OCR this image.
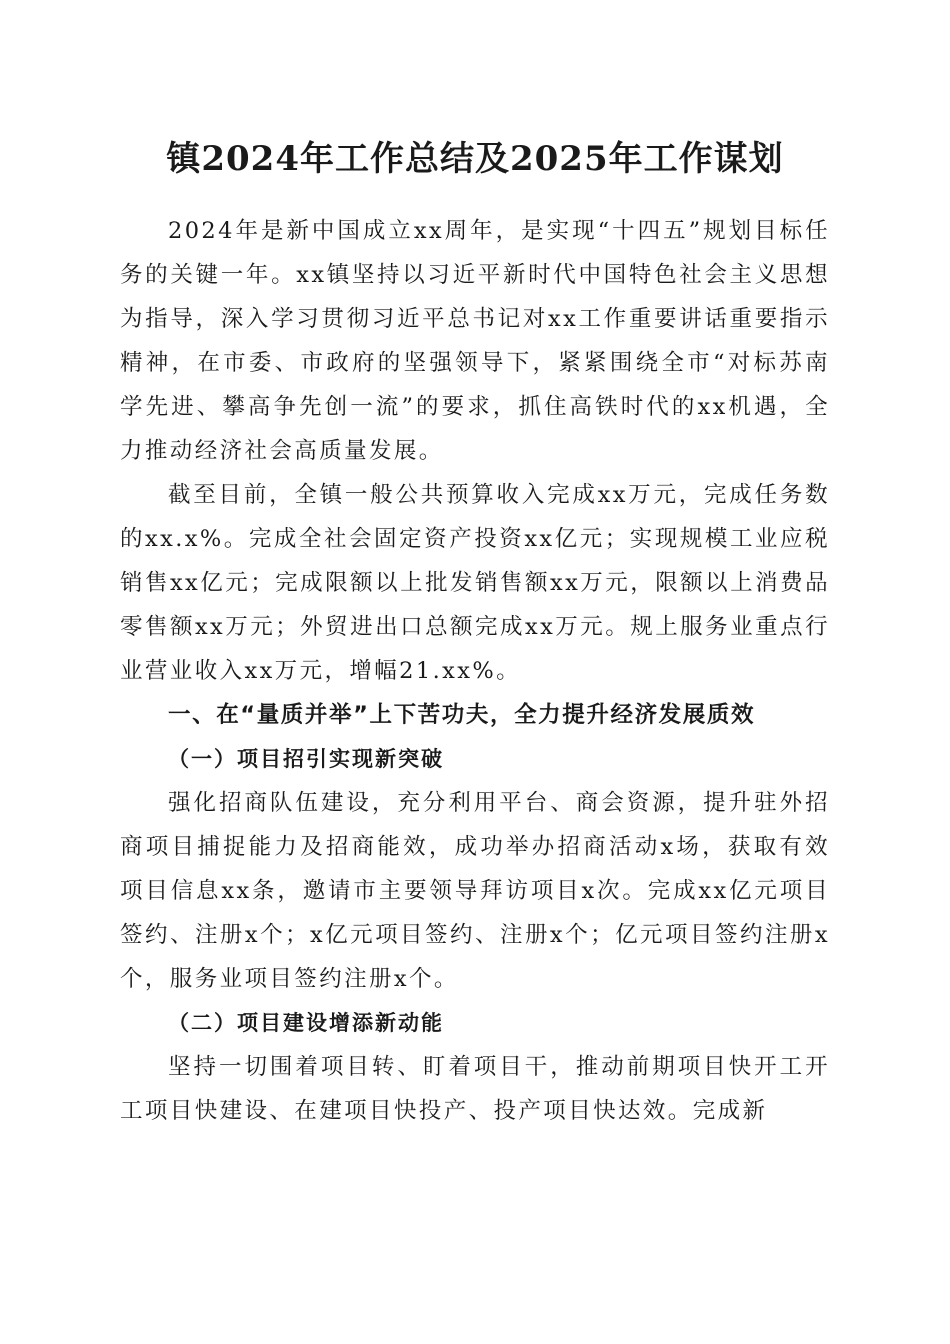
镇2024年工作总结及2025年工作谋划

2024年是新中国成立xx周年，是实现“十四五”规划目标任务的关键一年。xx镇坚持以习近平新时代中国特色社会主义思想为指导，深入学习贯彻习近平总书记对xx工作重要讲话重要指示精神，在市委、市政府的坚强领导下，紧紧围绕全市“对标苏南学先进、攀高争先创一流”的要求，抓住高铁时代的xx机遇，全力推动经济社会高质量发展。

截至目前，全镇一般公共预算收入完成xx万元，完成任务数的xx.x%。完成全社会固定资产投资xx亿元；实现规模工业应税销售xx亿元；完成限额以上批发销售额xx万元，限额以上消费品零售额xx万元；外贸进出口总额完成xx万元。规上服务业重点行业营业收入xx万元，增幅21.xx%。

一、在“量质并举”上下苦功夫，全力提升经济发展质效

（一）项目招引实现新突破

强化招商队伍建设，充分利用平台、商会资源，提升驻外招商项目捕捉能力及招商能效，成功举办招商活动x场，获取有效项目信息xx条，邀请市主要领导拜访项目x次。完成xx亿元项目签约、注册x个；x亿元项目签约、注册x个；亿元项目签约注册x个，服务业项目签约注册x个。

（二）项目建设增添新动能

坚持一切围着项目转、盯着项目干，推动前期项目快开工开工项目快建设、在建项目快投产、投产项目快达效。完成新
